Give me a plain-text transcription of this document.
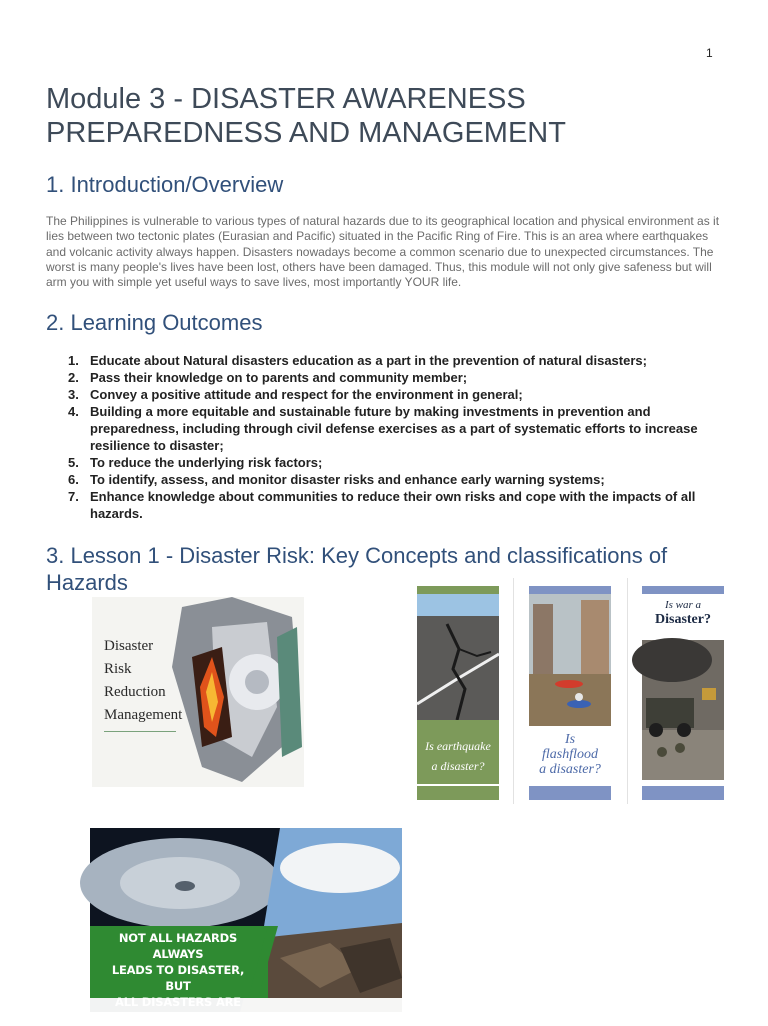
1
Module 3 - DISASTER AWARENESS
PREPAREDNESS AND MANAGEMENT
1. Introduction/Overview

The Philippines is vulnerable to various types of natural hazards due to its geographical location and physical environment as it lies between two tectonic plates (Eurasian and Pacific) situated in the Pacific Ring of Fire. This is an area where earthquakes and volcanic activity always happen. Disasters nowadays become a common scenario due to unexpected circumstances. The worst is many people's lives have been lost, others have been damaged. Thus, this module will not only give safeness but will arm you with simple yet useful ways to save lives, most importantly YOUR life.

2. Learning Outcomes
1. Educate about Natural disasters education as a part in the prevention of natural disasters;
2. Pass their knowledge on to parents and community member;
3. Convey a positive attitude and respect for the environment in general;
4. Building a more equitable and sustainable future by making investments in prevention and preparedness, including through civil defense exercises as a part of systematic efforts to increase resilience to disaster;
5. To reduce the underlying risk factors;
6. To identify, assess, and monitor disaster risks and enhance early warning systems;
7. Enhance knowledge about communities to reduce their own risks and cope with the impacts of all hazards.
3. Lesson 1 - Disaster Risk: Key Concepts and classifications of
Hazards
Disaster
Risk
Reduction
Management
Is earthquake
a disaster?
Is
flashflood
a disaster?
Is war a
Disaster?
NOT ALL HAZARDS ALWAYS
LEADS TO DISASTER, BUT
ALL DISASTERS ARE HAZARD
